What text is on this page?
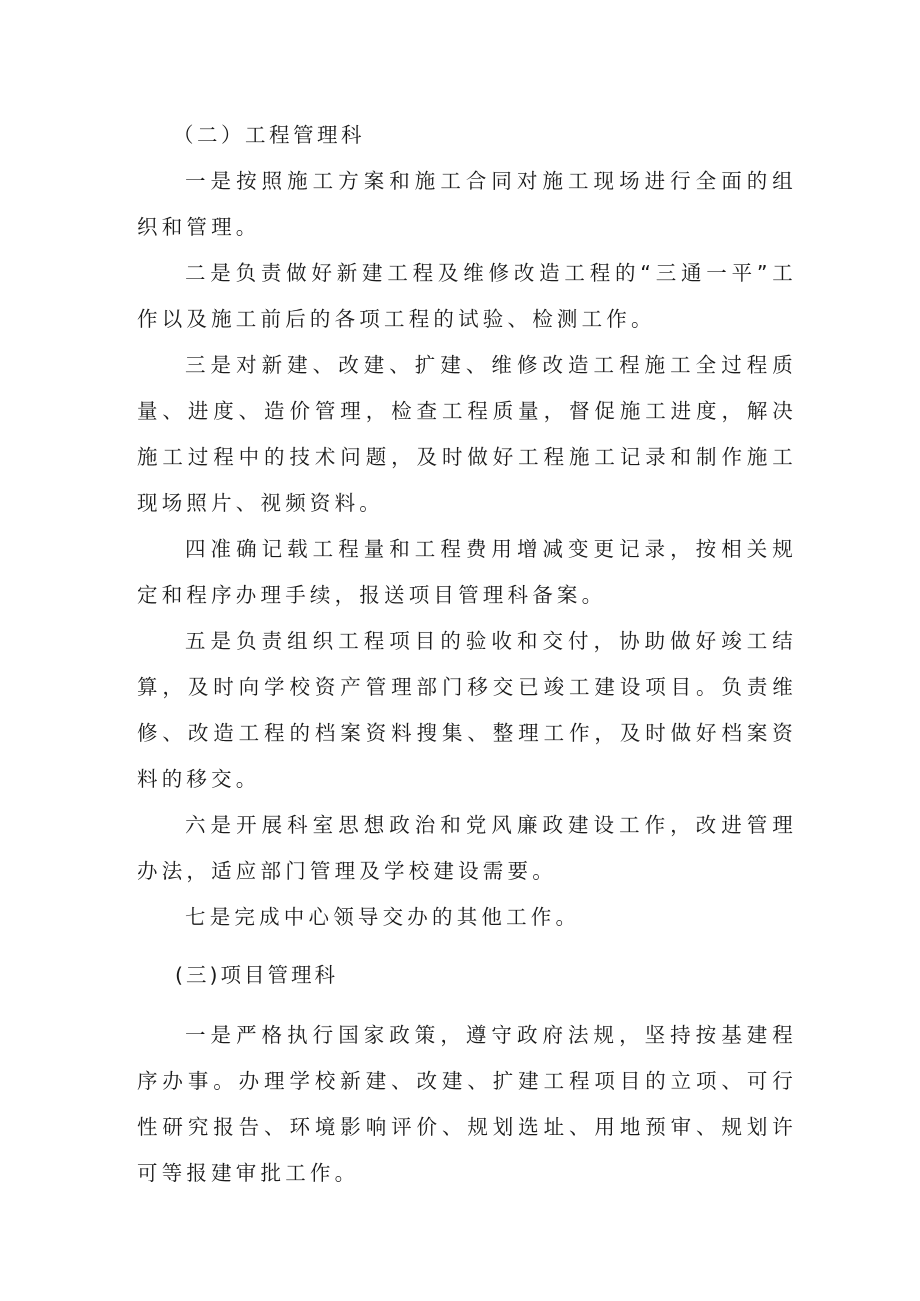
（二）工程管理科

一是按照施工方案和施工合同对施工现场进行全面的组织和管理。

二是负责做好新建工程及维修改造工程的“三通一平”工作以及施工前后的各项工程的试验、检测工作。

三是对新建、改建、扩建、维修改造工程施工全过程质量、进度、造价管理，检查工程质量，督促施工进度，解决施工过程中的技术问题，及时做好工程施工记录和制作施工现场照片、视频资料。

四准确记载工程量和工程费用增减变更记录，按相关规定和程序办理手续，报送项目管理科备案。

五是负责组织工程项目的验收和交付，协助做好竣工结算，及时向学校资产管理部门移交已竣工建设项目。负责维修、改造工程的档案资料搜集、整理工作，及时做好档案资料的移交。

六是开展科室思想政治和党风廉政建设工作，改进管理办法，适应部门管理及学校建设需要。

七是完成中心领导交办的其他工作。

(三)项目管理科

一是严格执行国家政策，遵守政府法规，坚持按基建程序办事。办理学校新建、改建、扩建工程项目的立项、可行性研究报告、环境影响评价、规划选址、用地预审、规划许可等报建审批工作。
